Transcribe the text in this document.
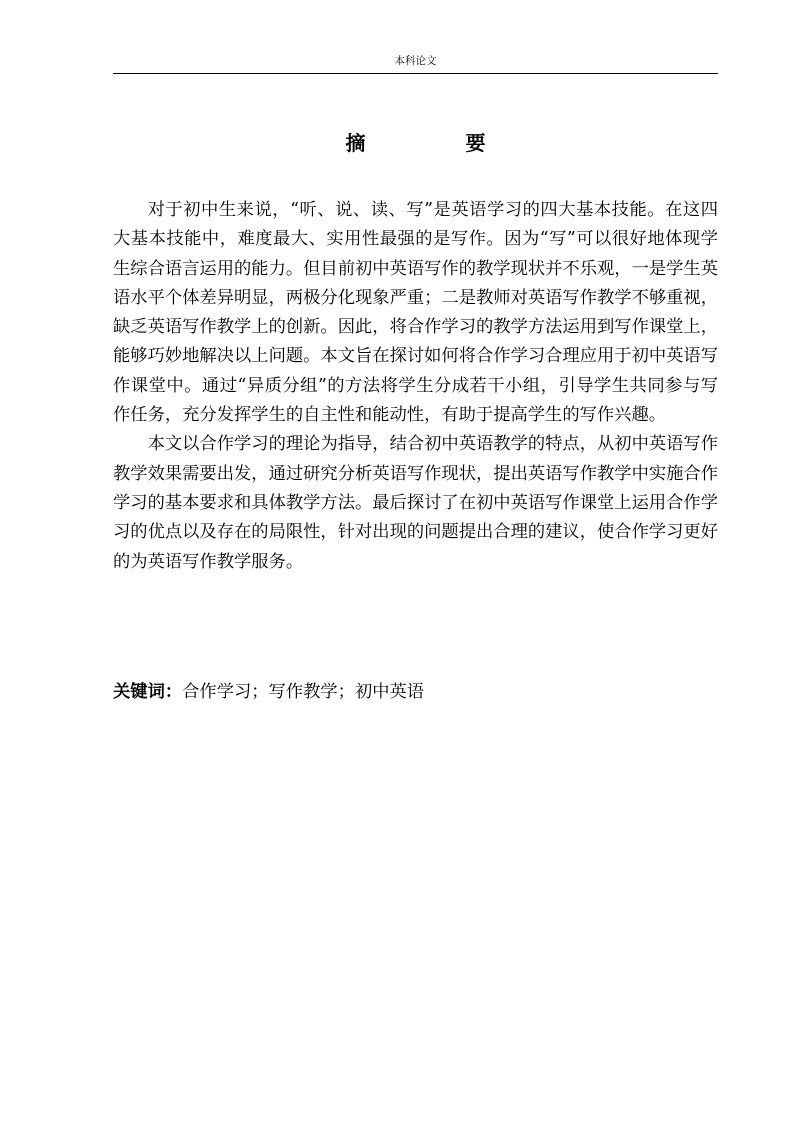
本科论文
摘　要

对于初中生来说，“听、说、读、写”是英语学习的四大基本技能。在这四大基本技能中，难度最大、实用性最强的是写作。因为“写”可以很好地体现学生综合语言运用的能力。但目前初中英语写作的教学现状并不乐观，一是学生英语水平个体差异明显，两极分化现象严重；二是教师对英语写作教学不够重视，缺乏英语写作教学上的创新。因此，将合作学习的教学方法运用到写作课堂上，能够巧妙地解决以上问题。本文旨在探讨如何将合作学习合理应用于初中英语写作课堂中。通过“异质分组”的方法将学生分成若干小组，引导学生共同参与写作任务，充分发挥学生的自主性和能动性，有助于提高学生的写作兴趣。

本文以合作学习的理论为指导，结合初中英语教学的特点，从初中英语写作教学效果需要出发，通过研究分析英语写作现状，提出英语写作教学中实施合作学习的基本要求和具体教学方法。最后探讨了在初中英语写作课堂上运用合作学习的优点以及存在的局限性，针对出现的问题提出合理的建议，使合作学习更好的为英语写作教学服务。

关键词：合作学习；写作教学；初中英语
